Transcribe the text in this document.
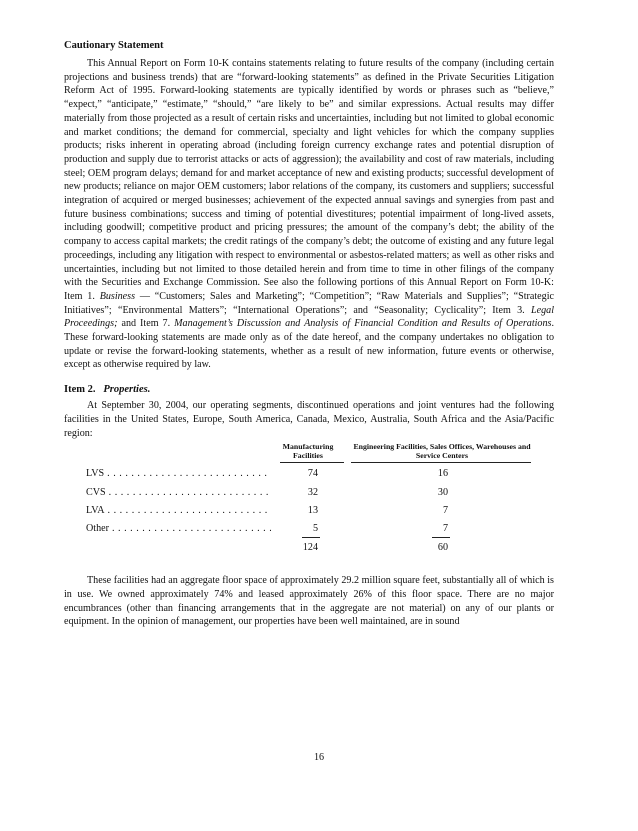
Cautionary Statement

This Annual Report on Form 10-K contains statements relating to future results of the company (including certain projections and business trends) that are “forward-looking statements” as defined in the Private Securities Litigation Reform Act of 1995. Forward-looking statements are typically identified by words or phrases such as “believe,” “expect,” “anticipate,” “estimate,” “should,” “are likely to be” and similar expressions. Actual results may differ materially from those projected as a result of certain risks and uncertainties, including but not limited to global economic and market conditions; the demand for commercial, specialty and light vehicles for which the company supplies products; risks inherent in operating abroad (including foreign currency exchange rates and potential disruption of production and supply due to terrorist attacks or acts of aggression); the availability and cost of raw materials, including steel; OEM program delays; demand for and market acceptance of new and existing products; successful development of new products; reliance on major OEM customers; labor relations of the company, its customers and suppliers; successful integration of acquired or merged businesses; achievement of the expected annual savings and synergies from past and future business combinations; success and timing of potential divestitures; potential impairment of long-lived assets, including goodwill; competitive product and pricing pressures; the amount of the company’s debt; the ability of the company to access capital markets; the credit ratings of the company’s debt; the outcome of existing and any future legal proceedings, including any litigation with respect to environmental or asbestos-related matters; as well as other risks and uncertainties, including but not limited to those detailed herein and from time to time in other filings of the company with the Securities and Exchange Commission. See also the following portions of this Annual Report on Form 10-K: Item 1. Business — “Customers; Sales and Marketing”; “Competition”; “Raw Materials and Supplies”; “Strategic Initiatives”; “Environmental Matters”; “International Operations”; and “Seasonality; Cyclicality”; Item 3. Legal Proceedings; and Item 7. Management’s Discussion and Analysis of Financial Condition and Results of Operations. These forward-looking statements are made only as of the date hereof, and the company undertakes no obligation to update or revise the forward-looking statements, whether as a result of new information, future events or otherwise, except as otherwise required by law.

Item 2. Properties.

At September 30, 2004, our operating segments, discontinued operations and joint ventures had the following facilities in the United States, Europe, South America, Canada, Mexico, Australia, South Africa and the Asia/Pacific region:

Manufacturing Facilities
Engineering Facilities, Sales Offices, Warehouses and Service Centers
LVS . . .	74	16
CVS . . .	32	30
LVA . . .	13	7
Other . . .	5	7
124	60

These facilities had an aggregate floor space of approximately 29.2 million square feet, substantially all of which is in use. We owned approximately 74% and leased approximately 26% of this floor space. There are no major encumbrances (other than financing arrangements that in the aggregate are not material) on any of our plants or equipment. In the opinion of management, our properties have been well maintained, are in sound

16
